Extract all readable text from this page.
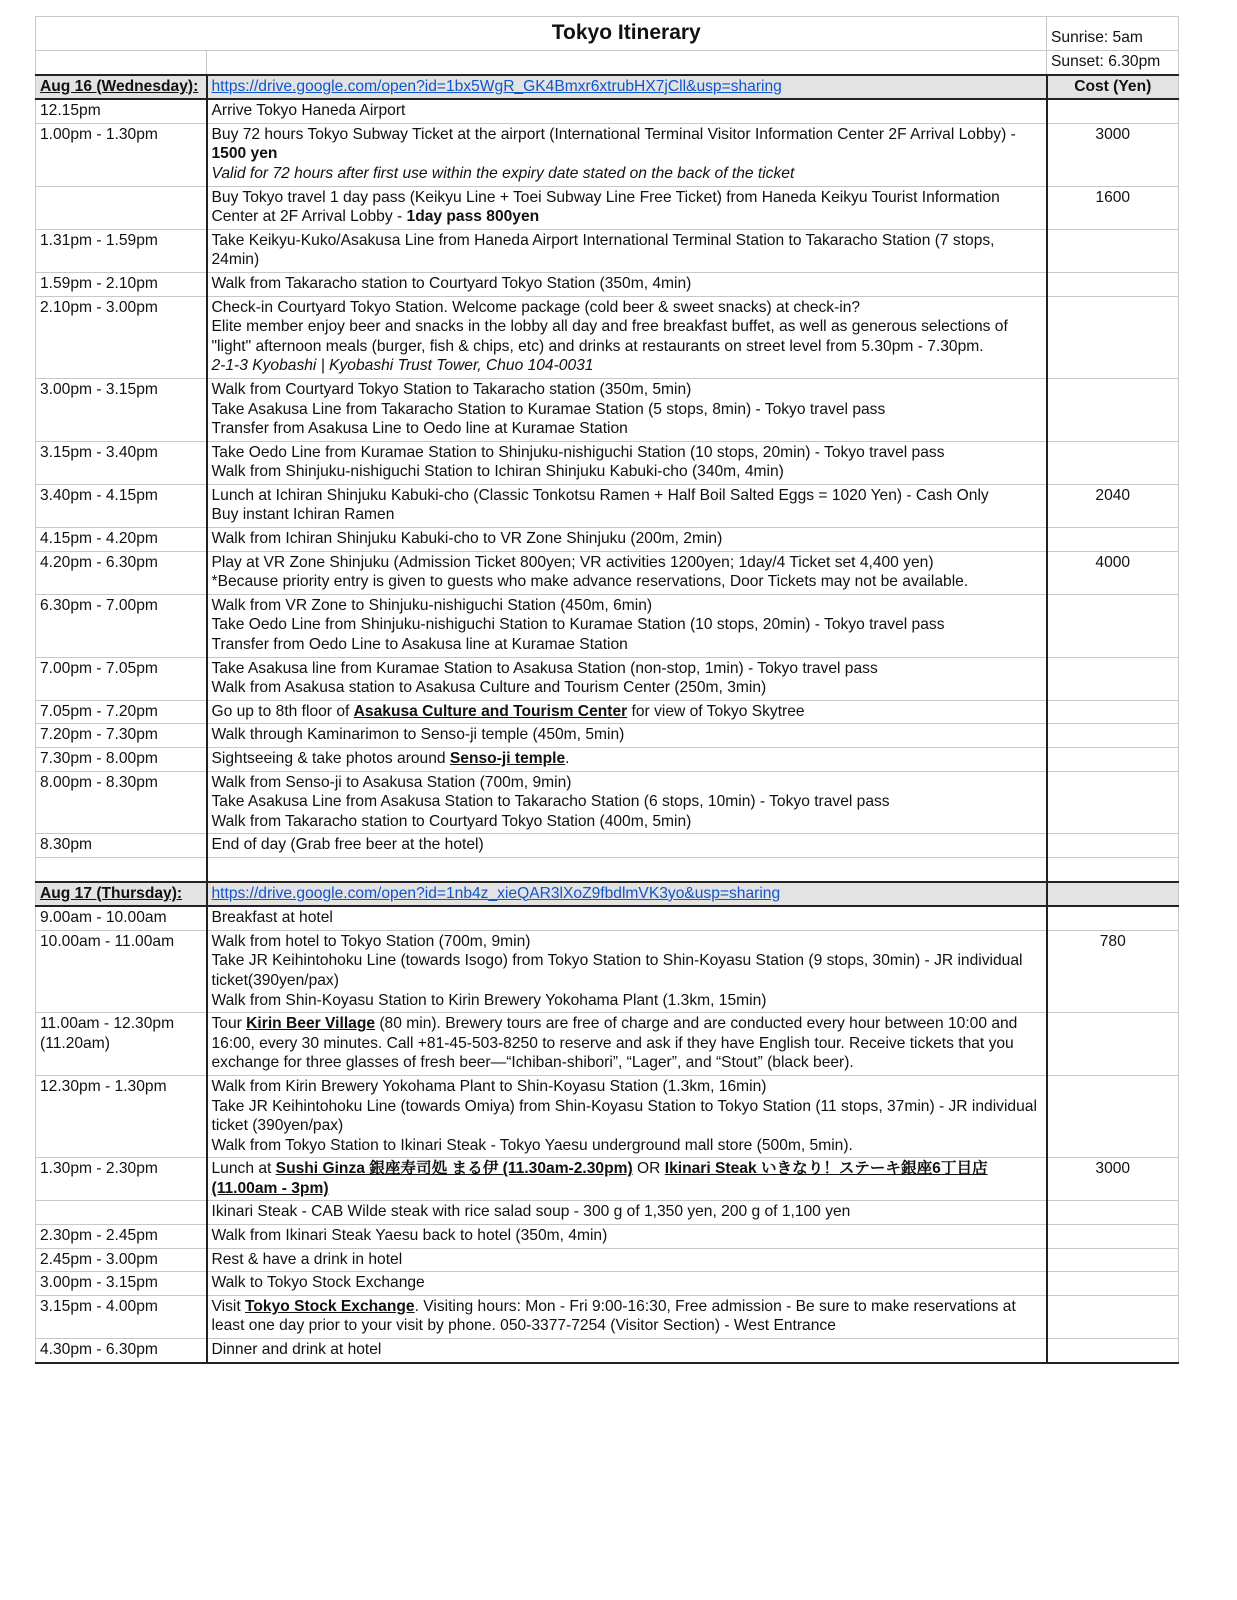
	Tokyo Itinerary	Sunrise: 5am
		Sunset: 6.30pm
Aug 16 (Wednesday):	https://drive.google.com/open?id=1bx5WgR_GK4Bmxr6xtrubHX7jCll&usp=sharing	Cost (Yen)
12.15pm	Arrive Tokyo Haneda Airport	

1.00pm - 1.30pm	Buy 72 hours Tokyo Subway Ticket at the airport (International Terminal Visitor Information Center 2F Arrival Lobby) - 1500 yen
Valid for 72 hours after first use within the expiry date stated on the back of the ticket	3000

	Buy Tokyo travel 1 day pass (Keikyu Line + Toei Subway Line Free Ticket) from Haneda Keikyu Tourist Information Center at 2F Arrival Lobby - 1day pass 800yen	1600
1.31pm - 1.59pm	Take Keikyu-Kuko/Asakusa Line from Haneda Airport International Terminal Station to Takaracho Station (7 stops, 24min)	

1.59pm - 2.10pm	Walk from Takaracho station to Courtyard Tokyo Station (350m, 4min)	

2.10pm - 3.00pm	Check-in Courtyard Tokyo Station. Welcome package (cold beer & sweet snacks) at check-in?
Elite member enjoy beer and snacks in the lobby all day and free breakfast buffet, as well as generous selections of "light" afternoon meals (burger, fish & chips, etc) and drinks at restaurants on street level from 5.30pm - 7.30pm.
2-1-3 Kyobashi | Kyobashi Trust Tower, Chuo 104-0031	

3.00pm - 3.15pm	Walk from Courtyard Tokyo Station to Takaracho station (350m, 5min)
Take Asakusa Line from Takaracho Station to Kuramae Station (5 stops, 8min) - Tokyo travel pass
Transfer from Asakusa Line to Oedo line at Kuramae Station	

3.15pm - 3.40pm	Take Oedo Line from Kuramae Station to Shinjuku-nishiguchi Station (10 stops, 20min) - Tokyo travel pass
Walk from Shinjuku-nishiguchi Station to Ichiran Shinjuku Kabuki-cho (340m, 4min)	

3.40pm - 4.15pm	Lunch at Ichiran Shinjuku Kabuki-cho (Classic Tonkotsu Ramen + Half Boil Salted Eggs = 1020 Yen) - Cash Only
Buy instant Ichiran Ramen	2040
4.15pm - 4.20pm	Walk from Ichiran Shinjuku Kabuki-cho to VR Zone Shinjuku (200m, 2min)	

4.20pm - 6.30pm	Play at VR Zone Shinjuku (Admission Ticket 800yen; VR activities 1200yen; 1day/4 Ticket set 4,400 yen)
*Because priority entry is given to guests who make advance reservations, Door Tickets may not be available.	4000
6.30pm - 7.00pm	Walk from VR Zone to Shinjuku-nishiguchi Station (450m, 6min)
Take Oedo Line from Shinjuku-nishiguchi Station to Kuramae Station (10 stops, 20min) - Tokyo travel pass
Transfer from Oedo Line to Asakusa line at Kuramae Station	

7.00pm - 7.05pm	Take Asakusa line from Kuramae Station to Asakusa Station (non-stop, 1min) - Tokyo travel pass
Walk from Asakusa station to Asakusa Culture and Tourism Center (250m, 3min)	

7.05pm - 7.20pm	Go up to 8th floor of Asakusa Culture and Tourism Center for view of Tokyo Skytree	

7.20pm - 7.30pm	Walk through Kaminarimon to Senso-ji temple (450m, 5min)	

7.30pm - 8.00pm	Sightseeing & take photos around Senso-ji temple.	

8.00pm - 8.30pm	Walk from Senso-ji to Asakusa Station (700m, 9min)
Take Asakusa Line from Asakusa Station to Takaracho Station (6 stops, 10min) - Tokyo travel pass
Walk from Takaracho station to Courtyard Tokyo Station (400m, 5min)	

8.30pm	End of day (Grab free beer at the hotel)	

Aug 17 (Thursday):	https://drive.google.com/open?id=1nb4z_xieQAR3lXoZ9fbdlmVK3yo&usp=sharing	
9.00am - 10.00am	Breakfast at hotel	

10.00am - 11.00am	Walk from hotel to Tokyo Station (700m, 9min)
Take JR Keihintohoku Line (towards Isogo) from Tokyo Station to Shin-Koyasu Station (9 stops, 30min) - JR individual ticket(390yen/pax)
Walk from Shin-Koyasu Station to Kirin Brewery Yokohama Plant (1.3km, 15min)	780
11.00am - 12.30pm (11.20am)	Tour Kirin Beer Village (80 min). Brewery tours are free of charge and are conducted every hour between 10:00 and 16:00, every 30 minutes. Call +81-45-503-8250 to reserve and ask if they have English tour. Receive tickets that you exchange for three glasses of fresh beer—“Ichiban-shibori”, “Lager”, and “Stout” (black beer).	

12.30pm - 1.30pm	Walk from Kirin Brewery Yokohama Plant to Shin-Koyasu Station (1.3km, 16min)
Take JR Keihintohoku Line (towards Omiya) from Shin-Koyasu Station to Tokyo Station (11 stops, 37min) - JR individual ticket (390yen/pax)
Walk from Tokyo Station to Ikinari Steak - Tokyo Yaesu underground mall store (500m, 5min).	

1.30pm - 2.30pm	Lunch at Sushi Ginza 銀座寿司処 まる伊 (11.30am-2.30pm) OR Ikinari Steak いきなり！ステーキ銀座6丁目店 (11.00am - 3pm)	3000

	Ikinari Steak - CAB Wilde steak with rice salad soup - 300 g of 1,350 yen, 200 g of 1,100 yen	

2.30pm - 2.45pm	Walk from Ikinari Steak Yaesu back to hotel (350m, 4min)	

2.45pm - 3.00pm	Rest & have a drink in hotel	

3.00pm - 3.15pm	Walk to Tokyo Stock Exchange	

3.15pm - 4.00pm	Visit Tokyo Stock Exchange. Visiting hours: Mon - Fri 9:00-16:30, Free admission - Be sure to make reservations at least one day prior to your visit by phone. 050-3377-7254 (Visitor Section) - West Entrance	

4.30pm - 6.30pm	Dinner and drink at hotel	
